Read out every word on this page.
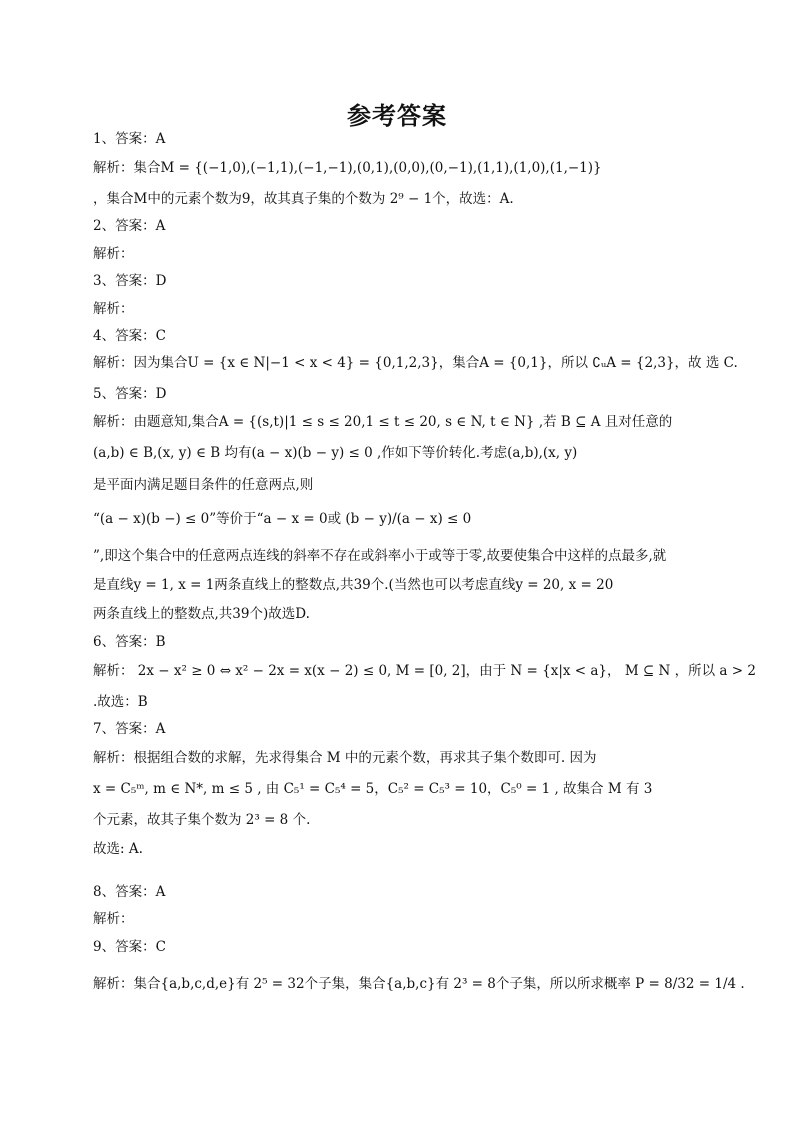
参考答案
1、答案：A
解析：集合M = {(−1,0),(−1,1),(−1,−1),(0,1),(0,0),(0,−1),(1,1),(1,0),(1,−1)}
，集合M中的元素个数为9，故其真子集的个数为 2⁹ − 1个，故选：A.
2、答案：A
解析：
3、答案：D
解析：
4、答案：C
解析：因为集合U = {x ∈ N|−1 < x < 4} = {0,1,2,3}，集合A = {0,1}，所以 ∁ᵤA = {2,3}，故 选 C.
5、答案：D
解析：由题意知,集合A = {(s,t)|1 ≤ s ≤ 20,1 ≤ t ≤ 20, s ∈ N, t ∈ N} ,若 B ⊆ A 且对任意的
(a,b) ∈ B,(x, y) ∈ B 均有(a − x)(b − y) ≤ 0 ,作如下等价转化.考虑(a,b),(x, y)
是平面内满足题目条件的任意两点,则
“(a − x)(b −) ≤ 0”等价于“a − x = 0或 (b − y)/(a − x) ≤ 0
”,即这个集合中的任意两点连线的斜率不存在或斜率小于或等于零,故要使集合中这样的点最多,就
是直线y = 1, x = 1两条直线上的整数点,共39个.(当然也可以考虑直线y = 20, x = 20
两条直线上的整数点,共39个)故选D.
6、答案：B
解析： 2x − x² ≥ 0 ⇔ x² − 2x = x(x − 2) ≤ 0, M = [0, 2]，由于 N = {x|x < a}， M ⊆ N ，所以 a > 2
.故选：B
7、答案：A
解析：根据组合数的求解，先求得集合 M 中的元素个数，再求其子集个数即可. 因为
x = C₅ᵐ, m ∈ N*, m ≤ 5 , 由 C₅¹ = C₅⁴ = 5，C₅² = C₅³ = 10，C₅⁰ = 1 , 故集合 M 有 3
个元素，故其子集个数为 2³ = 8 个.
故选: A.
8、答案：A
解析：
9、答案：C
解析：集合{a,b,c,d,e}有 2⁵ = 32个子集，集合{a,b,c}有 2³ = 8个子集，所以所求概率 P = 8/32 = 1/4 .
